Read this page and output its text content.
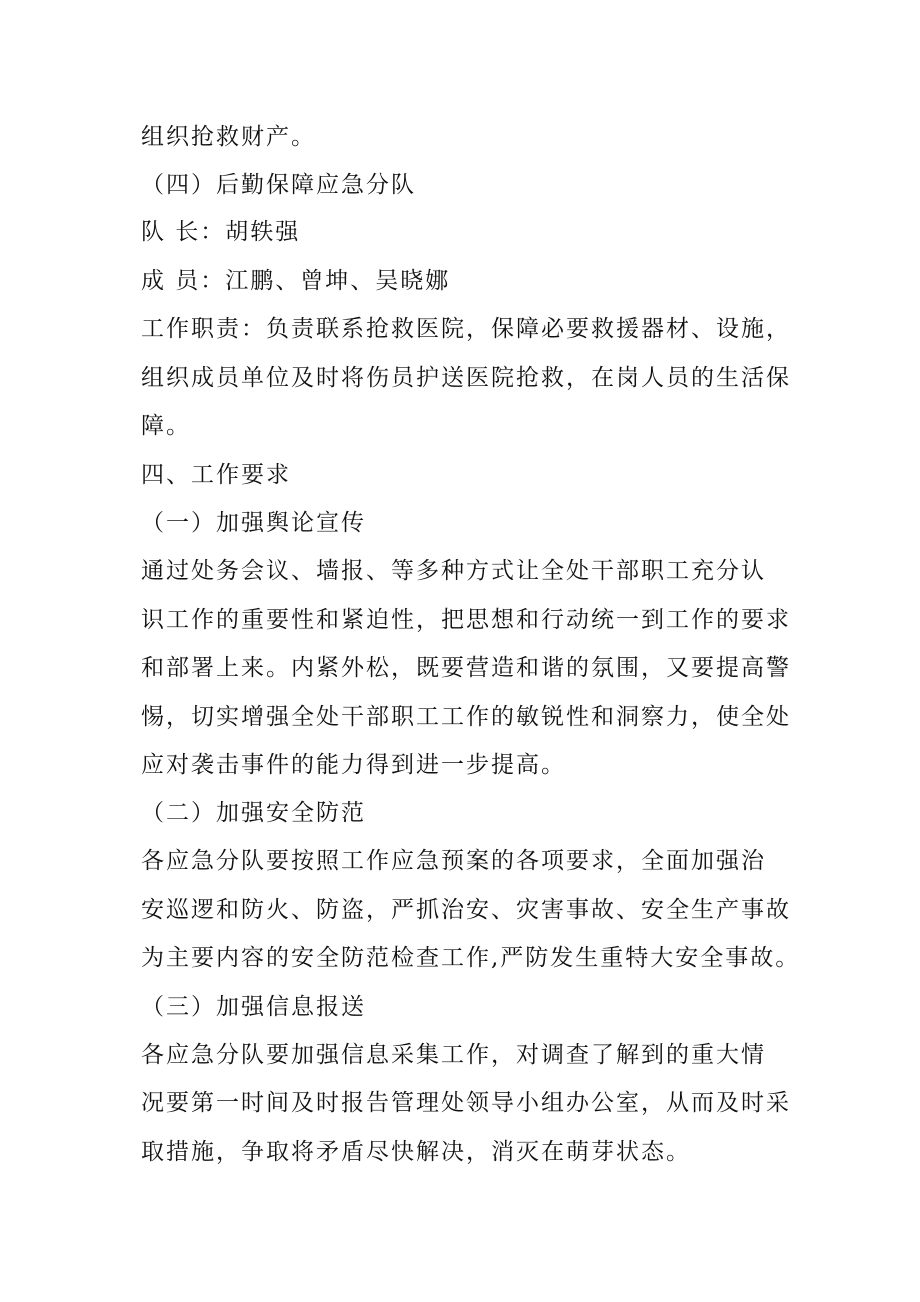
组织抢救财产。
（四）后勤保障应急分队
队 长：胡轶强
成 员：江鹏、曾坤、吴晓娜
工作职责：负责联系抢救医院，保障必要救援器材、设施，
组织成员单位及时将伤员护送医院抢救，在岗人员的生活保
障。
四、工作要求
（一）加强舆论宣传
通过处务会议、墙报、等多种方式让全处干部职工充分认
识工作的重要性和紧迫性，把思想和行动统一到工作的要求
和部署上来。内紧外松，既要营造和谐的氛围，又要提高警
惕，切实增强全处干部职工工作的敏锐性和洞察力，使全处
应对袭击事件的能力得到进一步提高。
（二）加强安全防范
各应急分队要按照工作应急预案的各项要求，全面加强治
安巡逻和防火、防盗，严抓治安、灾害事故、安全生产事故
为主要内容的安全防范检查工作,严防发生重特大安全事故。
（三）加强信息报送
各应急分队要加强信息采集工作，对调查了解到的重大情
况要第一时间及时报告管理处领导小组办公室，从而及时采
取措施，争取将矛盾尽快解决，消灭在萌芽状态。
